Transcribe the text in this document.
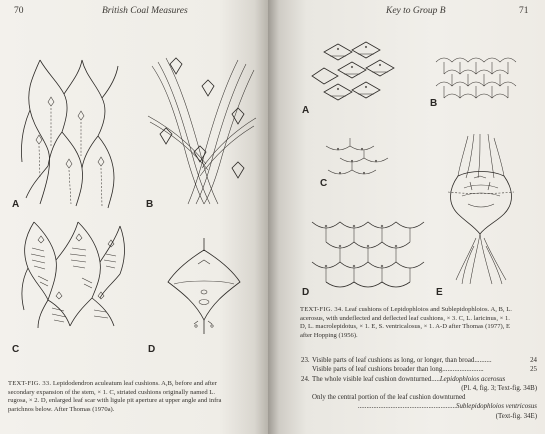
70	British Coal Measures
A	B
C	D
TEXT-FIG. 33. Lepidodendron aculeatum leaf cushions. A,B, before and after
secondary expansion of the stem, × 1. C, striated cushions originally named L.
rugosa, × 2. D, enlarged leaf scar with ligule pit aperture at upper angle and infra
parichnos below. After Thomas (1970a).
Key to Group B	71
A
B
C
D	E
TEXT-FIG. 34. Leaf cushions of Lepidophloios and Sublepidophloios. A, B, L.
acerosus, with undeflected and deflected leaf cushions, × 3. C, L. laricinus, × 1.
D, L. macrolepidotus, × 1. E, S. ventricalosus, × 1. A-D after Thomas (1977), E
after Hopping (1956).
23. Visible parts of leaf cushions as long, or longer, than broad..........	24
Visible parts of leaf cushions broader than long........................	25
24. The whole visible leaf cushion downturned.....Lepidophloios acerosus
(Pl. 4, fig. 3; Text-fig. 34B)
Only the central portion of the leaf cushion downturned
.........................................................Sublepidophloios ventricosus
(Text-fig. 34E)
